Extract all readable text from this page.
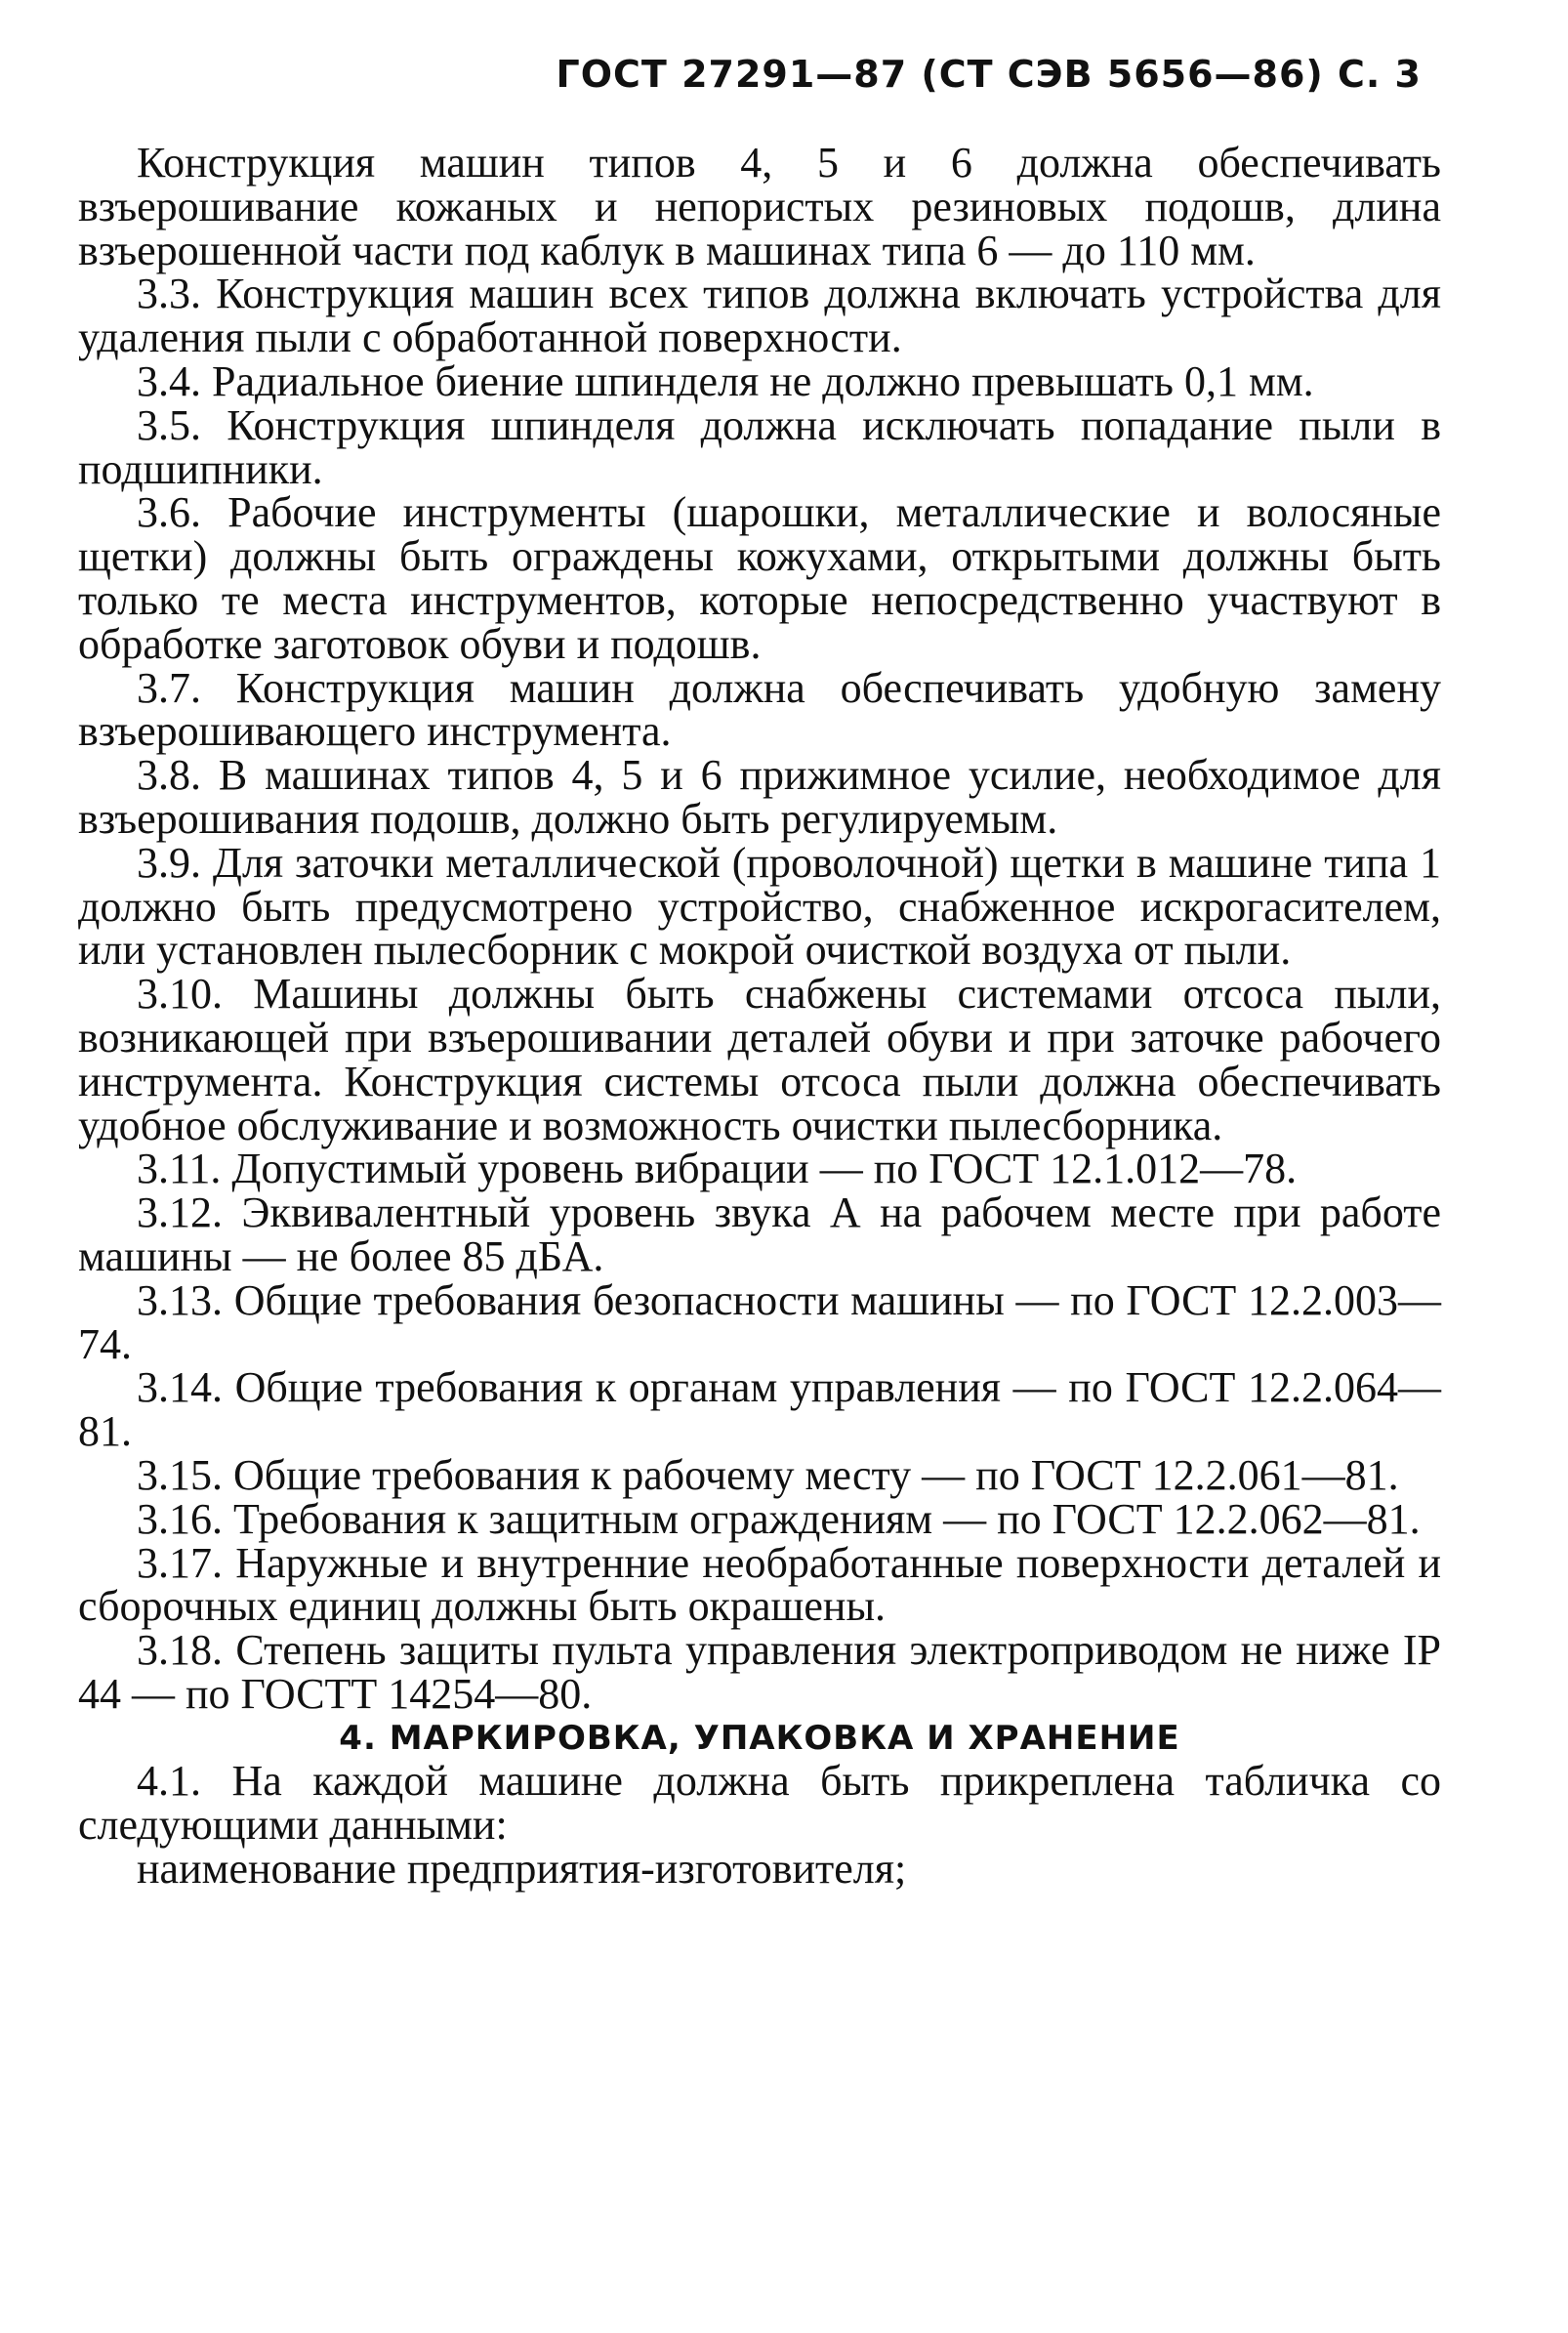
ГОСТ 27291—87 (СТ СЭВ 5656—86) С. 3

Конструкция машин типов 4, 5 и 6 должна обеспечивать взъерошивание кожаных и непористых резиновых подошв, длина взъерошенной части под каблук в машинах типа 6 — до 110 мм.

3.3. Конструкция машин всех типов должна включать устройства для удаления пыли с обработанной поверхности.

3.4. Радиальное биение шпинделя не должно превышать 0,1 мм.

3.5. Конструкция шпинделя должна исключать попадание пыли в подшипники.

3.6. Рабочие инструменты (шарошки, металлические и волосяные щетки) должны быть ограждены кожухами, открытыми должны быть только те места инструментов, которые непосредственно участвуют в обработке заготовок обуви и подошв.

3.7. Конструкция машин должна обеспечивать удобную замену взъерошивающего инструмента.

3.8. В машинах типов 4, 5 и 6 прижимное усилие, необходимое для взъерошивания подошв, должно быть регулируемым.

3.9. Для заточки металлической (проволочной) щетки в машине типа 1 должно быть предусмотрено устройство, снабженное искрогасителем, или установлен пылесборник с мокрой очисткой воздуха от пыли.

3.10. Машины должны быть снабжены системами отсоса пыли, возникающей при взъерошивании деталей обуви и при заточке рабочего инструмента. Конструкция системы отсоса пыли должна обеспечивать удобное обслуживание и возможность очистки пылесборника.

3.11. Допустимый уровень вибрации — по ГОСТ 12.1.012—78.

3.12. Эквивалентный уровень звука А на рабочем месте при работе машины — не более 85 дБА.

3.13. Общие требования безопасности машины — по ГОСТ 12.2.003—74.

3.14. Общие требования к органам управления — по ГОСТ 12.2.064—81.

3.15. Общие требования к рабочему месту — по ГОСТ 12.2.061—81.

3.16. Требования к защитным ограждениям — по ГОСТ 12.2.062—81.

3.17. Наружные и внутренние необработанные поверхности деталей и сборочных единиц должны быть окрашены.

3.18. Степень защиты пульта управления электроприводом не ниже IP 44 — по ГОСТТ 14254—80.

4. МАРКИРОВКА, УПАКОВКА И ХРАНЕНИЕ

4.1. На каждой машине должна быть прикреплена табличка со следующими данными:

наименование предприятия-изготовителя;
